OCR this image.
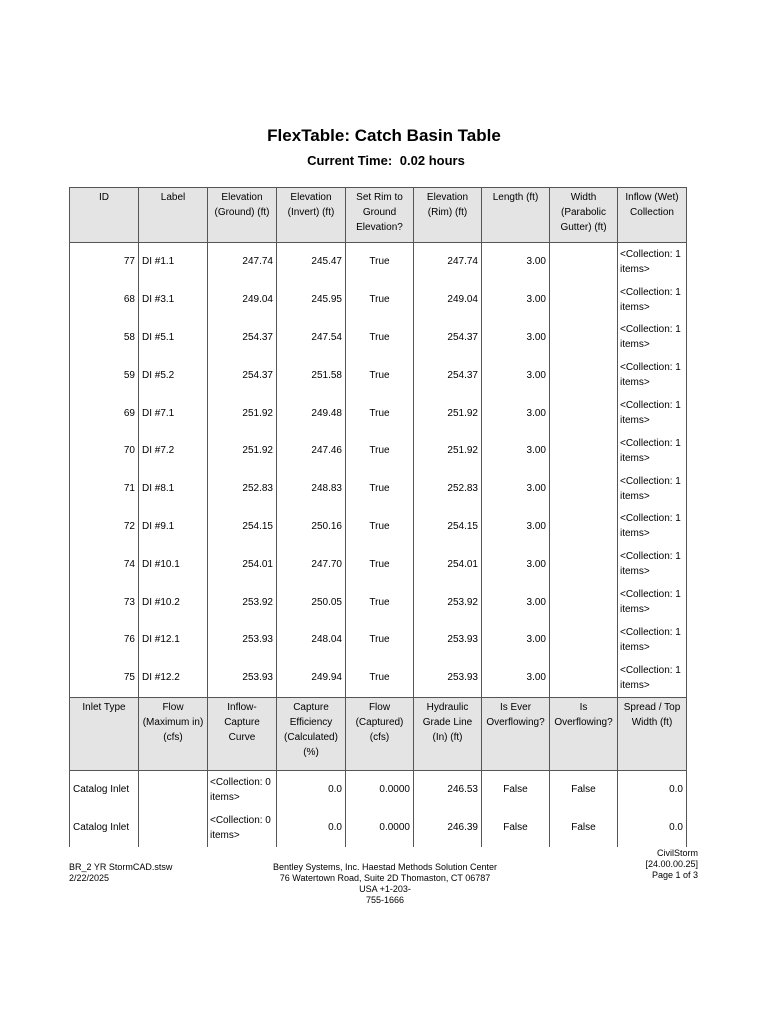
FlexTable: Catch Basin Table
Current Time: 0.02 hours
ID	Label	Elevation (Ground) (ft)	Elevation (Invert) (ft)	Set Rim to Ground Elevation?	Elevation (Rim) (ft)	Length (ft)	Width (Parabolic Gutter) (ft)	Inflow (Wet) Collection
77	DI #1.1	247.74	245.47	True	247.74	3.00		<Collection: 1 items>
68	DI #3.1	249.04	245.95	True	249.04	3.00		<Collection: 1 items>
58	DI #5.1	254.37	247.54	True	254.37	3.00		<Collection: 1 items>
59	DI #5.2	254.37	251.58	True	254.37	3.00		<Collection: 1 items>
69	DI #7.1	251.92	249.48	True	251.92	3.00		<Collection: 1 items>
70	DI #7.2	251.92	247.46	True	251.92	3.00		<Collection: 1 items>
71	DI #8.1	252.83	248.83	True	252.83	3.00		<Collection: 1 items>
72	DI #9.1	254.15	250.16	True	254.15	3.00		<Collection: 1 items>
74	DI #10.1	254.01	247.70	True	254.01	3.00		<Collection: 1 items>
73	DI #10.2	253.92	250.05	True	253.92	3.00		<Collection: 1 items>
76	DI #12.1	253.93	248.04	True	253.93	3.00		<Collection: 1 items>
75	DI #12.2	253.93	249.94	True	253.93	3.00		<Collection: 1 items>
Inlet Type	Flow (Maximum in) (cfs)	Inflow-Capture Curve	Capture Efficiency (Calculated) (%)	Flow (Captured) (cfs)	Hydraulic Grade Line (In) (ft)	Is Ever Overflowing?	Is Overflowing?	Spread / Top Width (ft)
Catalog Inlet		<Collection: 0 items>	0.0	0.0000	246.53	False	False	0.0
Catalog Inlet		<Collection: 0 items>	0.0	0.0000	246.39	False	False	0.0
BR_2 YR StormCAD.stsw
2/22/2025
Bentley Systems, Inc. Haestad Methods Solution Center
76 Watertown Road, Suite 2D Thomaston, CT 06787 USA +1-203-
755-1666
CivilStorm
[24.00.00.25]
Page 1 of 3
